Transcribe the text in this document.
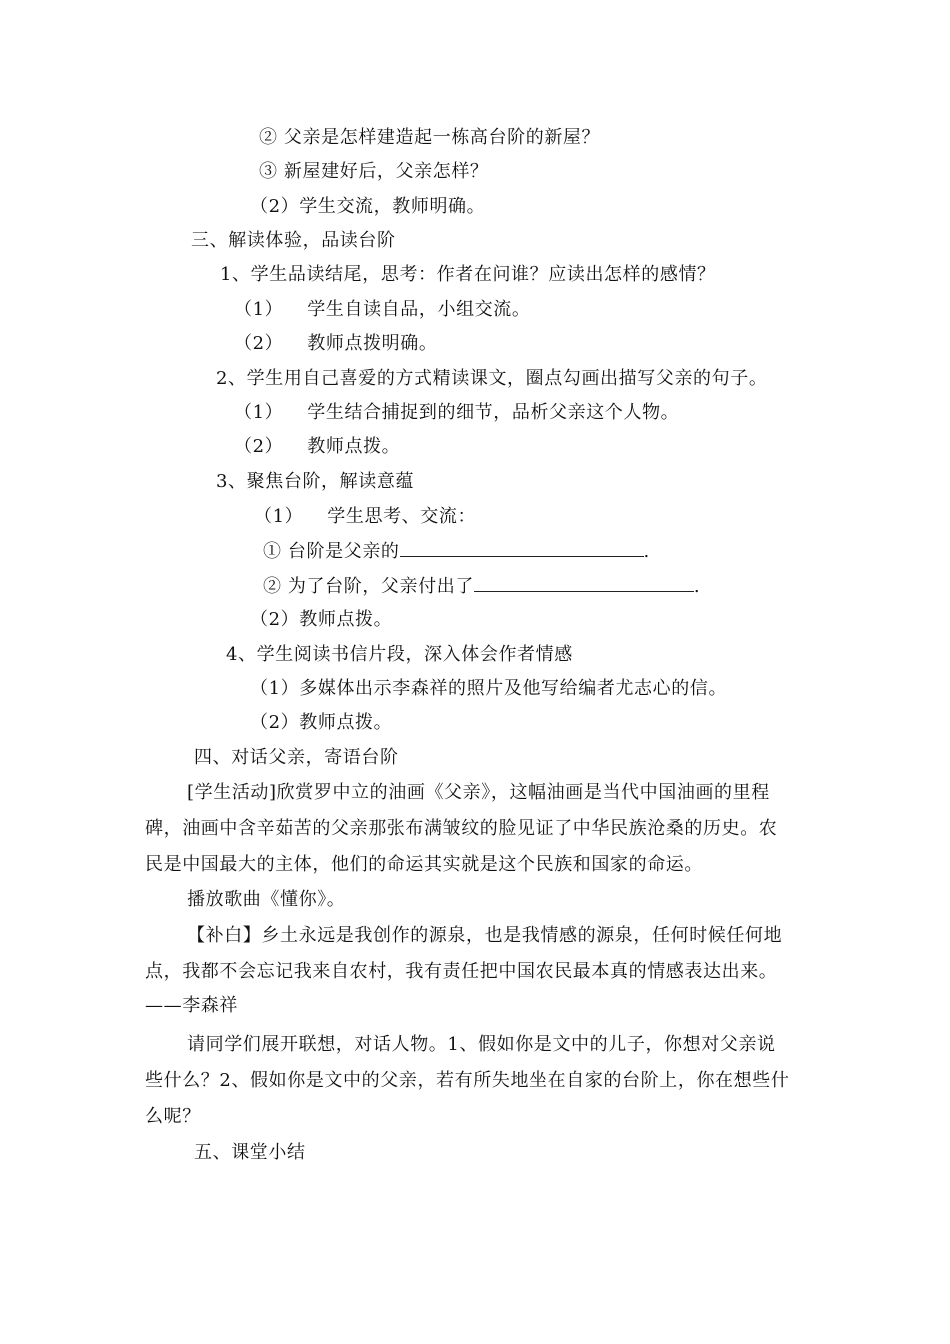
② 父亲是怎样建造起一栋高台阶的新屋？
③ 新屋建好后，父亲怎样？
（2）学生交流，教师明确。
三、解读体验，品读台阶
1、学生品读结尾，思考：作者在问谁？应读出怎样的感情？
（1） 学生自读自品，小组交流。
（2） 教师点拨明确。
2、学生用自己喜爱的方式精读课文，圈点勾画出描写父亲的句子。
（1） 学生结合捕捉到的细节，品析父亲这个人物。
（2） 教师点拨。
3、聚焦台阶，解读意蕴
（1） 学生思考、交流：
① 台阶是父亲的	.
② 为了台阶，父亲付出了	.
（2）教师点拨。
4、学生阅读书信片段，深入体会作者情感
（1）多媒体出示李森祥的照片及他写给编者尤志心的信。
（2）教师点拨。
四、对话父亲，寄语台阶
[学生活动]欣赏罗中立的油画《父亲》，这幅油画是当代中国油画的里程
碑，油画中含辛茹苦的父亲那张布满皱纹的脸见证了中华民族沧桑的历史。农
民是中国最大的主体，他们的命运其实就是这个民族和国家的命运。
播放歌曲《懂你》。
【补白】乡土永远是我创作的源泉，也是我情感的源泉，任何时候任何地
点，我都不会忘记我来自农村，我有责任把中国农民最本真的情感表达出来。
——李森祥
请同学们展开联想，对话人物。1、假如你是文中的儿子，你想对父亲说
些什么？2、假如你是文中的父亲，若有所失地坐在自家的台阶上，你在想些什
么呢？
五、课堂小结
